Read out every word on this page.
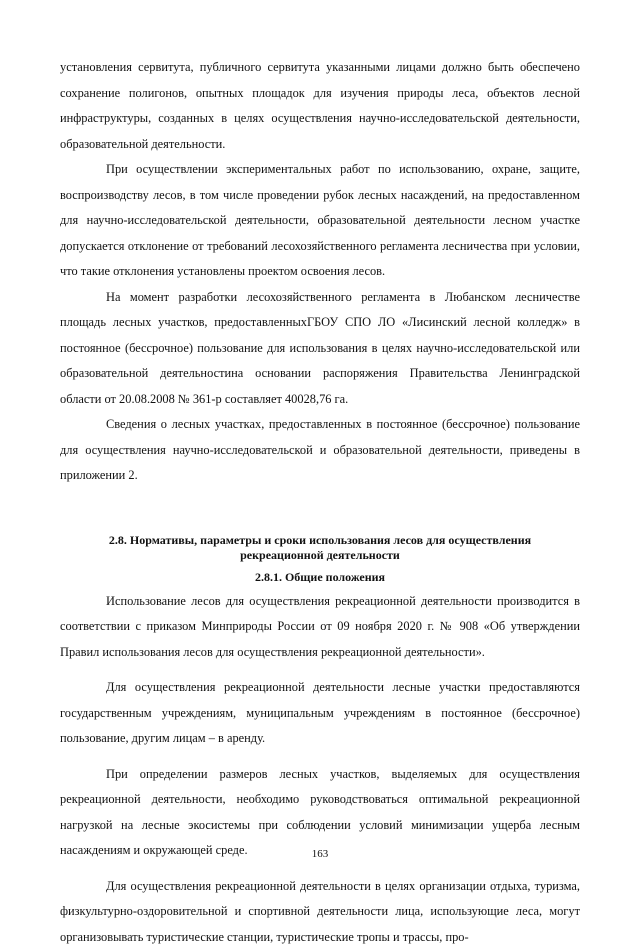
установления сервитута, публичного сервитута указанными лицами должно быть обеспечено сохранение полигонов, опытных площадок для изучения природы леса, объектов лесной инфраструктуры, созданных в целях осуществления научно-исследовательской деятельности, образовательной деятельности.

При осуществлении экспериментальных работ по использованию, охране, защите, воспроизводству лесов, в том числе проведении рубок лесных насаждений, на предоставленном для научно-исследовательской деятельности, образовательной деятельности лесном участке допускается отклонение от требований лесохозяйственного регламента лесничества при условии, что такие отклонения установлены проектом освоения лесов.

На момент разработки лесохозяйственного регламента в Любанском лесничестве площадь лесных участков, предоставленныхГБОУ СПО ЛО «Лисинский лесной колледж» в постоянное (бессрочное) пользование для использования в целях научно-исследовательской или образовательной деятельностина основании распоряжения Правительства Ленинградской области от 20.08.2008 № 361-р составляет 40028,76 га.

Сведения о лесных участках, предоставленных в постоянное (бессрочное) пользование для осуществления научно-исследовательской и образовательной деятельности, приведены в приложении 2.

2.8. Нормативы, параметры и сроки использования лесов для осуществления рекреационной деятельности
2.8.1. Общие положения

Использование лесов для осуществления рекреационной деятельности производится в соответствии с приказом Минприроды России от 09 ноября 2020 г. № 908 «Об утверждении Правил использования лесов для осуществления рекреационной деятельности».

Для осуществления рекреационной деятельности лесные участки предоставляются государственным учреждениям, муниципальным учреждениям в постоянное (бессрочное) пользование, другим лицам – в аренду.

При определении размеров лесных участков, выделяемых для осуществления рекреационной деятельности, необходимо руководствоваться оптимальной рекреационной нагрузкой на лесные экосистемы при соблюдении условий минимизации ущерба лесным насаждениям и окружающей среде.

Для осуществления рекреационной деятельности в целях организации отдыха, туризма, физкультурно-оздоровительной и спортивной деятельности лица, использующие леса, могут организовывать туристические станции, туристические тропы и трассы, про-

163
